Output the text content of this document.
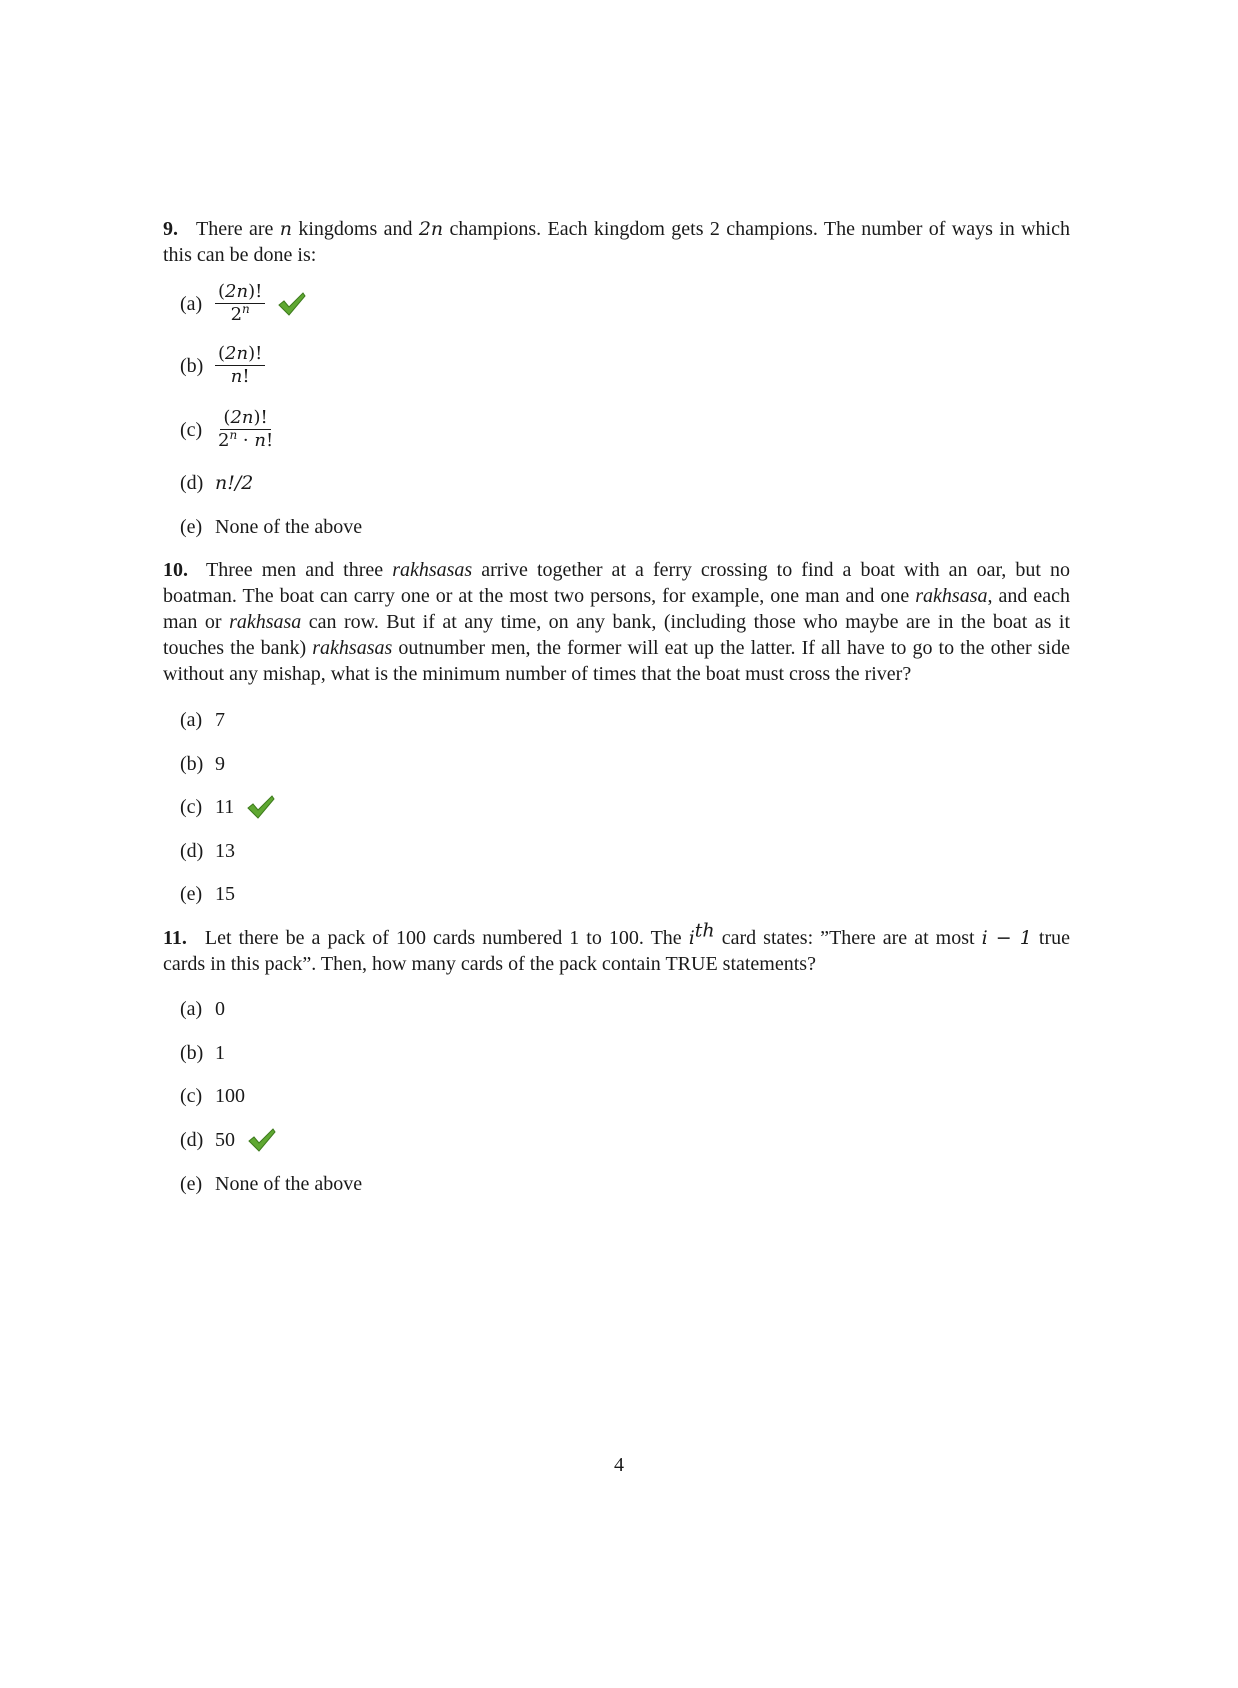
9. There are n kingdoms and 2n champions. Each kingdom gets 2 champions. The number of ways in which this can be done is:
$(a) \frac{(2n)!}{2^n}$
$(b) \frac{(2n)!}{n!}$
$(c) \frac{(2n)!}{2^n \cdot n!}$
(d) n!/2
(e) None of the above
10. Three men and three rakhsasas arrive together at a ferry crossing to find a boat with an oar, but no boatman. The boat can carry one or at the most two persons, for example, one man and one rakhsasa, and each man or rakhsasa can row. But if at any time, on any bank, (including those who maybe are in the boat as it touches the bank) rakhsasas outnumber men, the former will eat up the latter. If all have to go to the other side without any mishap, what is the minimum number of times that the boat must cross the river?
(a) 7
(b) 9
(c) 11
(d) 13
(e) 15
11. Let there be a pack of 100 cards numbered 1 to 100. The $i^{th}$ card states: ”There are at most i − 1 true cards in this pack”. Then, how many cards of the pack contain TRUE statements?
(a) 0
(b) 1
(c) 100
(d) 50
(e) None of the above
4
